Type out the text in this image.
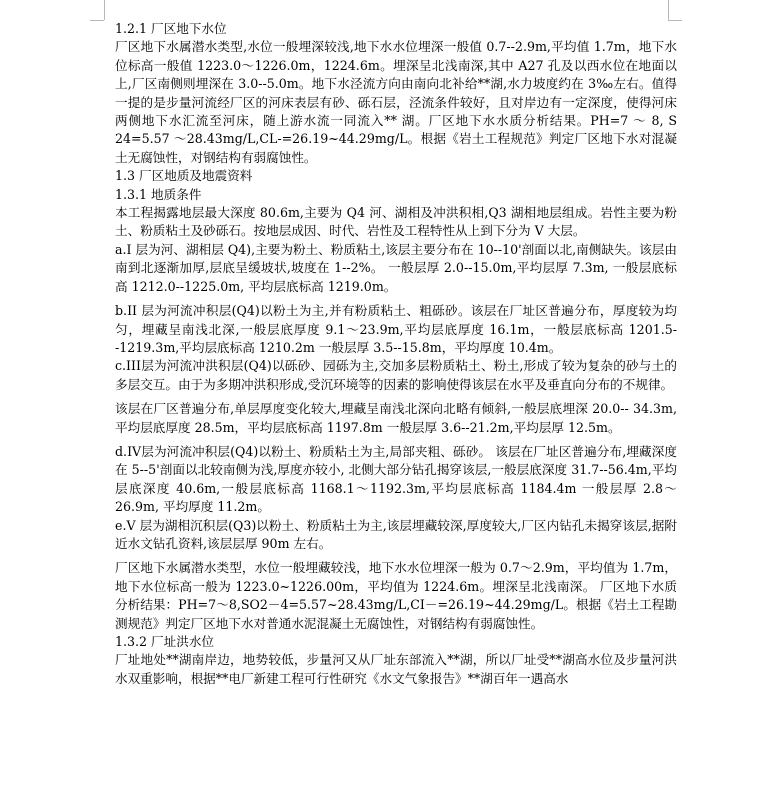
1.2.1 厂区地下水位

厂区地下水属潜水类型,水位一般埋深较浅,地下水水位埋深一般值 0.7--2.9m,平均值 1.7m，地下水位标高一般值 1223.0～1226.0m，1224.6m。埋深呈北浅南深,其中 A27 孔及以西水位在地面以上,厂区南侧则埋深在 3.0--5.0m。地下水泾流方向由南向北补给**湖,水力坡度约在 3‰左右。值得一提的是步量河流经厂区的河床表层有砂、砾石层，泾流条件较好，且对岸边有一定深度，使得河床两侧地下水汇流至河床，随上游水流一同流入** 湖。厂区地下水水质分析结果。PH=7 ～ 8, S 24=5.57 ～28.43mg/L,CL-=26.19~44.29mg/L。根据《岩土工程规范》判定厂区地下水对混凝土无腐蚀性，对钢结构有弱腐蚀性。

1.3 厂区地质及地震资料

1.3.1 地质条件

本工程揭露地层最大深度 80.6m,主要为 Q4 河、湖相及冲洪积相,Q3 湖相地层组成。岩性主要为粉土、粉质粘土及砂砾石。按地层成因、时代、岩性及工程特性从上到下分为 V 大层。

a.I 层为河、湖相层 Q4),主要为粉土、粉质粘土,该层主要分布在 10--10'剖面以北,南侧缺失。该层由南到北逐渐加厚,层底呈缓坡状,坡度在 1--2%。 一般层厚 2.0--15.0m,平均层厚 7.3m, 一般层底标高 1212.0--1225.0m, 平均层底标高 1219.0m。

b.II 层为河流冲积层(Q4)以粉土为主,并有粉质粘土、粗砾砂。该层在厂址区普遍分布，厚度较为均匀，埋藏呈南浅北深,一般层底厚度 9.1～23.9m,平均层底厚度 16.1m，一般层底标高 1201.5--1219.3m,平均层底标高 1210.2m 一般层厚 3.5--15.8m，平均厚度 10.4m。

c.III层为河流冲洪积层(Q4)以砾砂、园砾为主,交加多层粉质粘土、粉土,形成了较为复杂的砂与土的多层交互。由于为多期冲洪积形成,受沉环境等的因素的影响使得该层在水平及垂直向分布的不规律。

该层在厂区普遍分布,单层厚度变化较大,埋藏呈南浅北深向北略有倾斜,一般层底埋深 20.0-- 34.3m,平均层底厚度 28.5m，平均层底标高 1197.8m 一般层厚 3.6--21.2m,平均层厚 12.5m。

d.IV层为河流冲积层(Q4)以粉土、粉质粘土为主,局部夹粗、砾砂。 该层在厂址区普遍分布,埋藏深度在 5--5'剖面以北较南侧为浅,厚度亦较小, 北侧大部分钻孔揭穿该层,一般层底深度 31.7--56.4m,平均层底深度 40.6m,一般层底标高 1168.1～1192.3m,平均层底标高 1184.4m 一般层厚 2.8～26.9m, 平均厚度 11.2m。

e.V 层为湖相沉积层(Q3)以粉土、粉质粘土为主,该层埋藏较深,厚度较大,厂区内钻孔未揭穿该层,据附近水文钻孔资料,该层层厚 90m 左右。

厂区地下水属潜水类型，水位一般埋藏较浅，地下水水位埋深一般为 0.7～2.9m，平均值为 1.7m，地下水位标高一般为 1223.0~1226.00m，平均值为 1224.6m。埋深呈北浅南深。 厂区地下水质分析结果：PH=7～8,SO2－4=5.57~28.43mg/L,CI－=26.19~44.29mg/L。根据《岩土工程勘测规范》判定厂区地下水对普通水泥混凝土无腐蚀性，对钢结构有弱腐蚀性。

1.3.2 厂址洪水位

厂址地处**湖南岸边，地势较低，步量河又从厂址东部流入**湖，所以厂址受**湖高水位及步量河洪水双重影响，根据**电厂新建工程可行性研究《水文气象报告》**湖百年一遇高水
